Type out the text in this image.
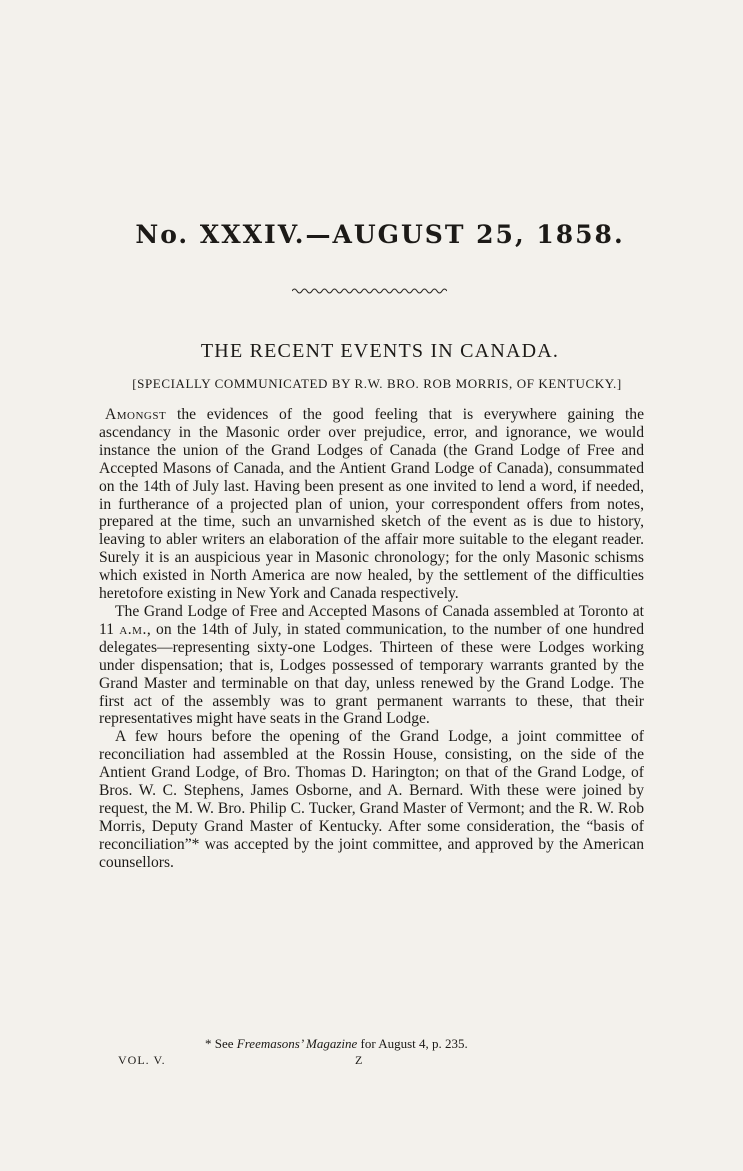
No. XXXIV.—AUGUST 25, 1858.
THE RECENT EVENTS IN CANADA.

[SPECIALLY COMMUNICATED BY R.W. BRO. ROB MORRIS, OF KENTUCKY.]

Amongst the evidences of the good feeling that is everywhere gaining the ascendancy in the Masonic order over prejudice, error, and ignorance, we would instance the union of the Grand Lodges of Canada (the Grand Lodge of Free and Accepted Masons of Canada, and the Antient Grand Lodge of Canada), consummated on the 14th of July last. Having been present as one invited to lend a word, if needed, in furtherance of a projected plan of union, your correspondent offers from notes, prepared at the time, such an unvarnished sketch of the event as is due to history, leaving to abler writers an elaboration of the affair more suitable to the elegant reader. Surely it is an auspicious year in Masonic chronology; for the only Masonic schisms which existed in North America are now healed, by the settlement of the difficulties heretofore existing in New York and Canada respectively.

The Grand Lodge of Free and Accepted Masons of Canada assembled at Toronto at 11 a.m., on the 14th of July, in stated communication, to the number of one hundred delegates—representing sixty-one Lodges. Thirteen of these were Lodges working under dispensation; that is, Lodges possessed of temporary warrants granted by the Grand Master and terminable on that day, unless renewed by the Grand Lodge. The first act of the assembly was to grant permanent warrants to these, that their representatives might have seats in the Grand Lodge.

A few hours before the opening of the Grand Lodge, a joint committee of reconciliation had assembled at the Rossin House, consisting, on the side of the Antient Grand Lodge, of Bro. Thomas D. Harington; on that of the Grand Lodge, of Bros. W. C. Stephens, James Osborne, and A. Bernard. With these were joined by request, the M. W. Bro. Philip C. Tucker, Grand Master of Vermont; and the R. W. Rob Morris, Deputy Grand Master of Kentucky. After some consideration, the “basis of reconciliation”* was accepted by the joint committee, and approved by the American counsellors.

* See Freemasons’ Magazine for August 4, p. 235.

VOL. V.	Z
